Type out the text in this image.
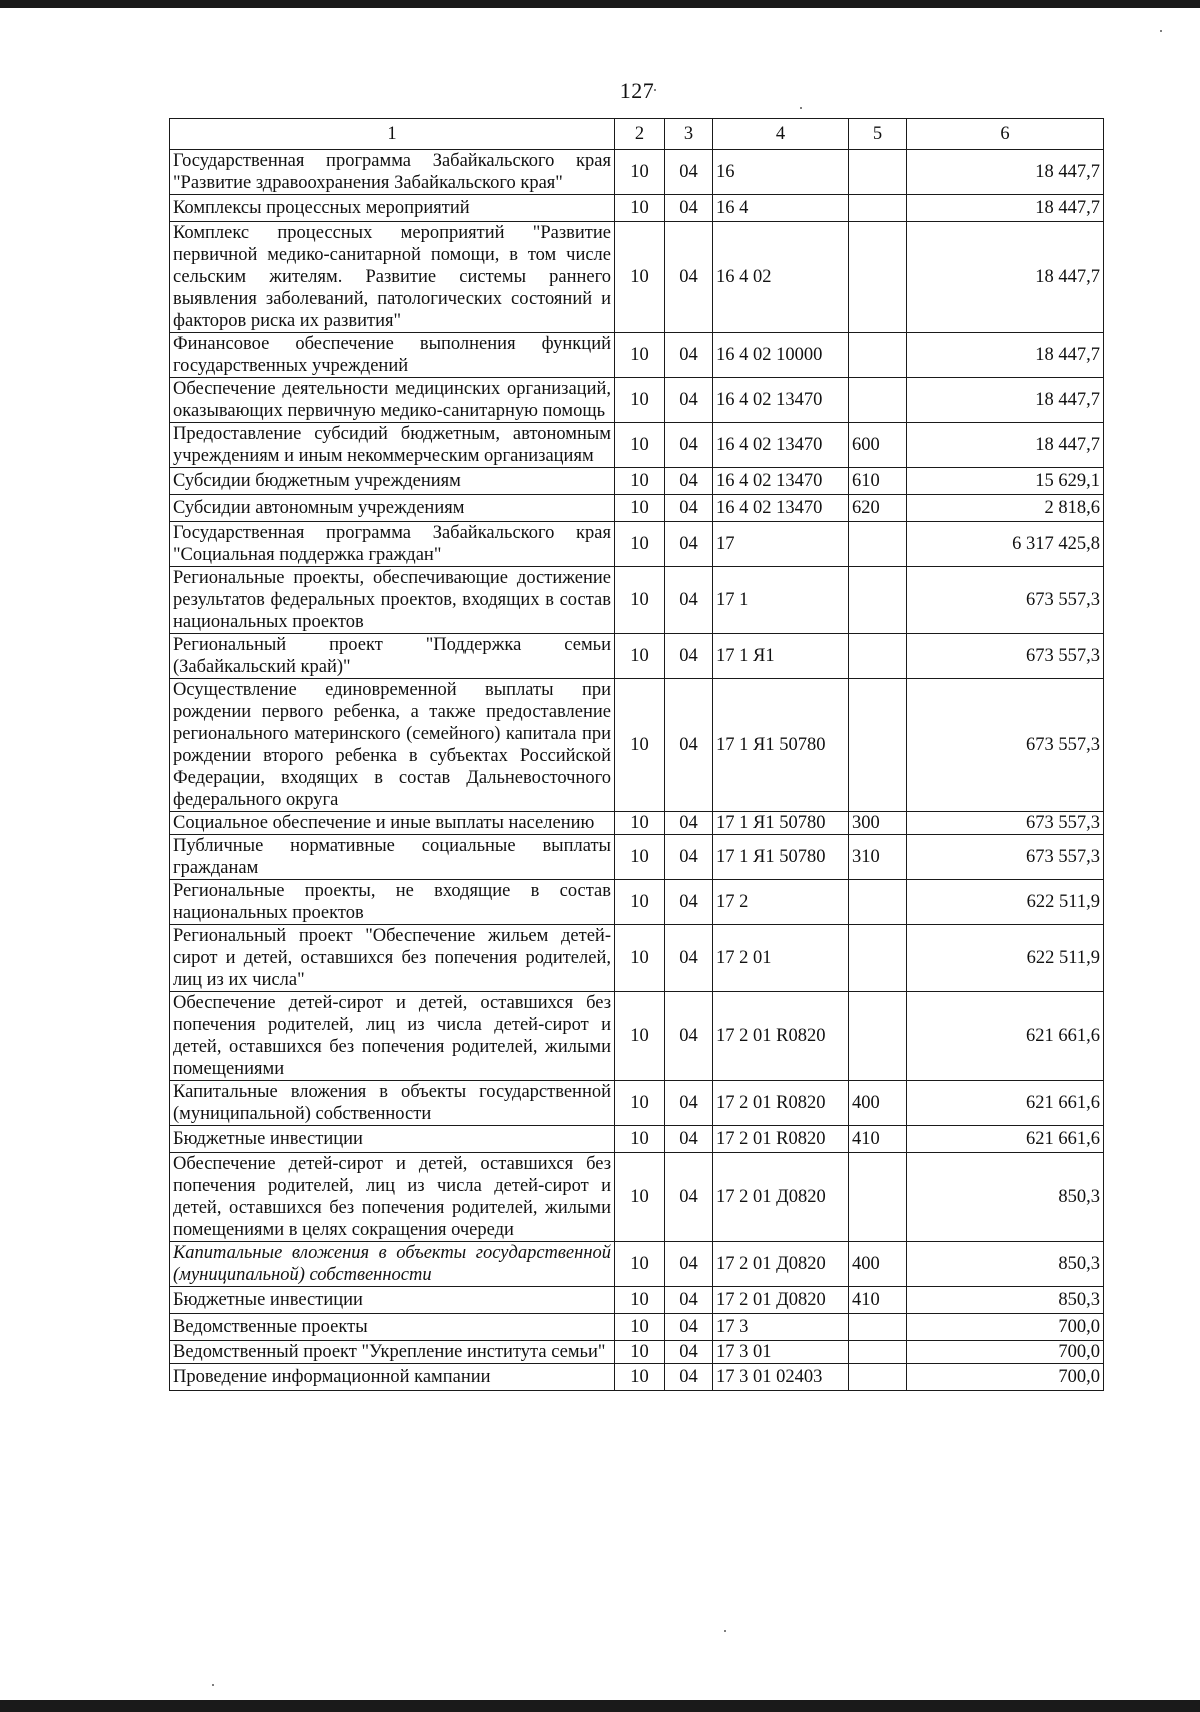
127
1	2	3	4	5	6
Государственная программа Забайкальского края "Развитие здравоохранения Забайкальского края"	10	04	16		18 447,7
Комплексы процессных мероприятий	10	04	16 4		18 447,7
Комплекс процессных мероприятий "Развитие первичной медико-санитарной помощи, в том числе сельским жителям. Развитие системы раннего выявления заболеваний, патологических состояний и факторов риска их развития"	10	04	16 4 02		18 447,7
Финансовое обеспечение выполнения функций государственных учреждений	10	04	16 4 02 10000		18 447,7
Обеспечение деятельности медицинских организаций, оказывающих первичную медико-санитарную помощь	10	04	16 4 02 13470		18 447,7
Предоставление субсидий бюджетным, автономным учреждениям и иным некоммерческим организациям	10	04	16 4 02 13470	600	18 447,7
Субсидии бюджетным учреждениям	10	04	16 4 02 13470	610	15 629,1
Субсидии автономным учреждениям	10	04	16 4 02 13470	620	2 818,6
Государственная программа Забайкальского края "Социальная поддержка граждан"	10	04	17		6 317 425,8
Региональные проекты, обеспечивающие достижение результатов федеральных проектов, входящих в состав национальных проектов	10	04	17 1		673 557,3
Региональный проект "Поддержка семьи (Забайкальский край)"	10	04	17 1 Я1		673 557,3
Осуществление единовременной выплаты при рождении первого ребенка, а также предоставление регионального материнского (семейного) капитала при рождении второго ребенка в субъектах Российской Федерации, входящих в состав Дальневосточного федерального округа	10	04	17 1 Я1 50780		673 557,3
Социальное обеспечение и иные выплаты населению	10	04	17 1 Я1 50780	300	673 557,3
Публичные нормативные социальные выплаты гражданам	10	04	17 1 Я1 50780	310	673 557,3
Региональные проекты, не входящие в состав национальных проектов	10	04	17 2		622 511,9
Региональный проект "Обеспечение жильем детей-сирот и детей, оставшихся без попечения родителей, лиц из их числа"	10	04	17 2 01		622 511,9
Обеспечение детей-сирот и детей, оставшихся без попечения родителей, лиц из числа детей-сирот и детей, оставшихся без попечения родителей, жилыми помещениями	10	04	17 2 01 R0820		621 661,6
Капитальные вложения в объекты государственной (муниципальной) собственности	10	04	17 2 01 R0820	400	621 661,6
Бюджетные инвестиции	10	04	17 2 01 R0820	410	621 661,6
Обеспечение детей-сирот и детей, оставшихся без попечения родителей, лиц из числа детей-сирот и детей, оставшихся без попечения родителей, жилыми помещениями в целях сокращения очереди	10	04	17 2 01 Д0820		850,3
Капитальные вложения в объекты государственной (муниципальной) собственности	10	04	17 2 01 Д0820	400	850,3
Бюджетные инвестиции	10	04	17 2 01 Д0820	410	850,3
Ведомственные проекты	10	04	17 3		700,0
Ведомственный проект "Укрепление института семьи"	10	04	17 3 01		700,0
Проведение информационной кампании	10	04	17 3 01 02403		700,0
